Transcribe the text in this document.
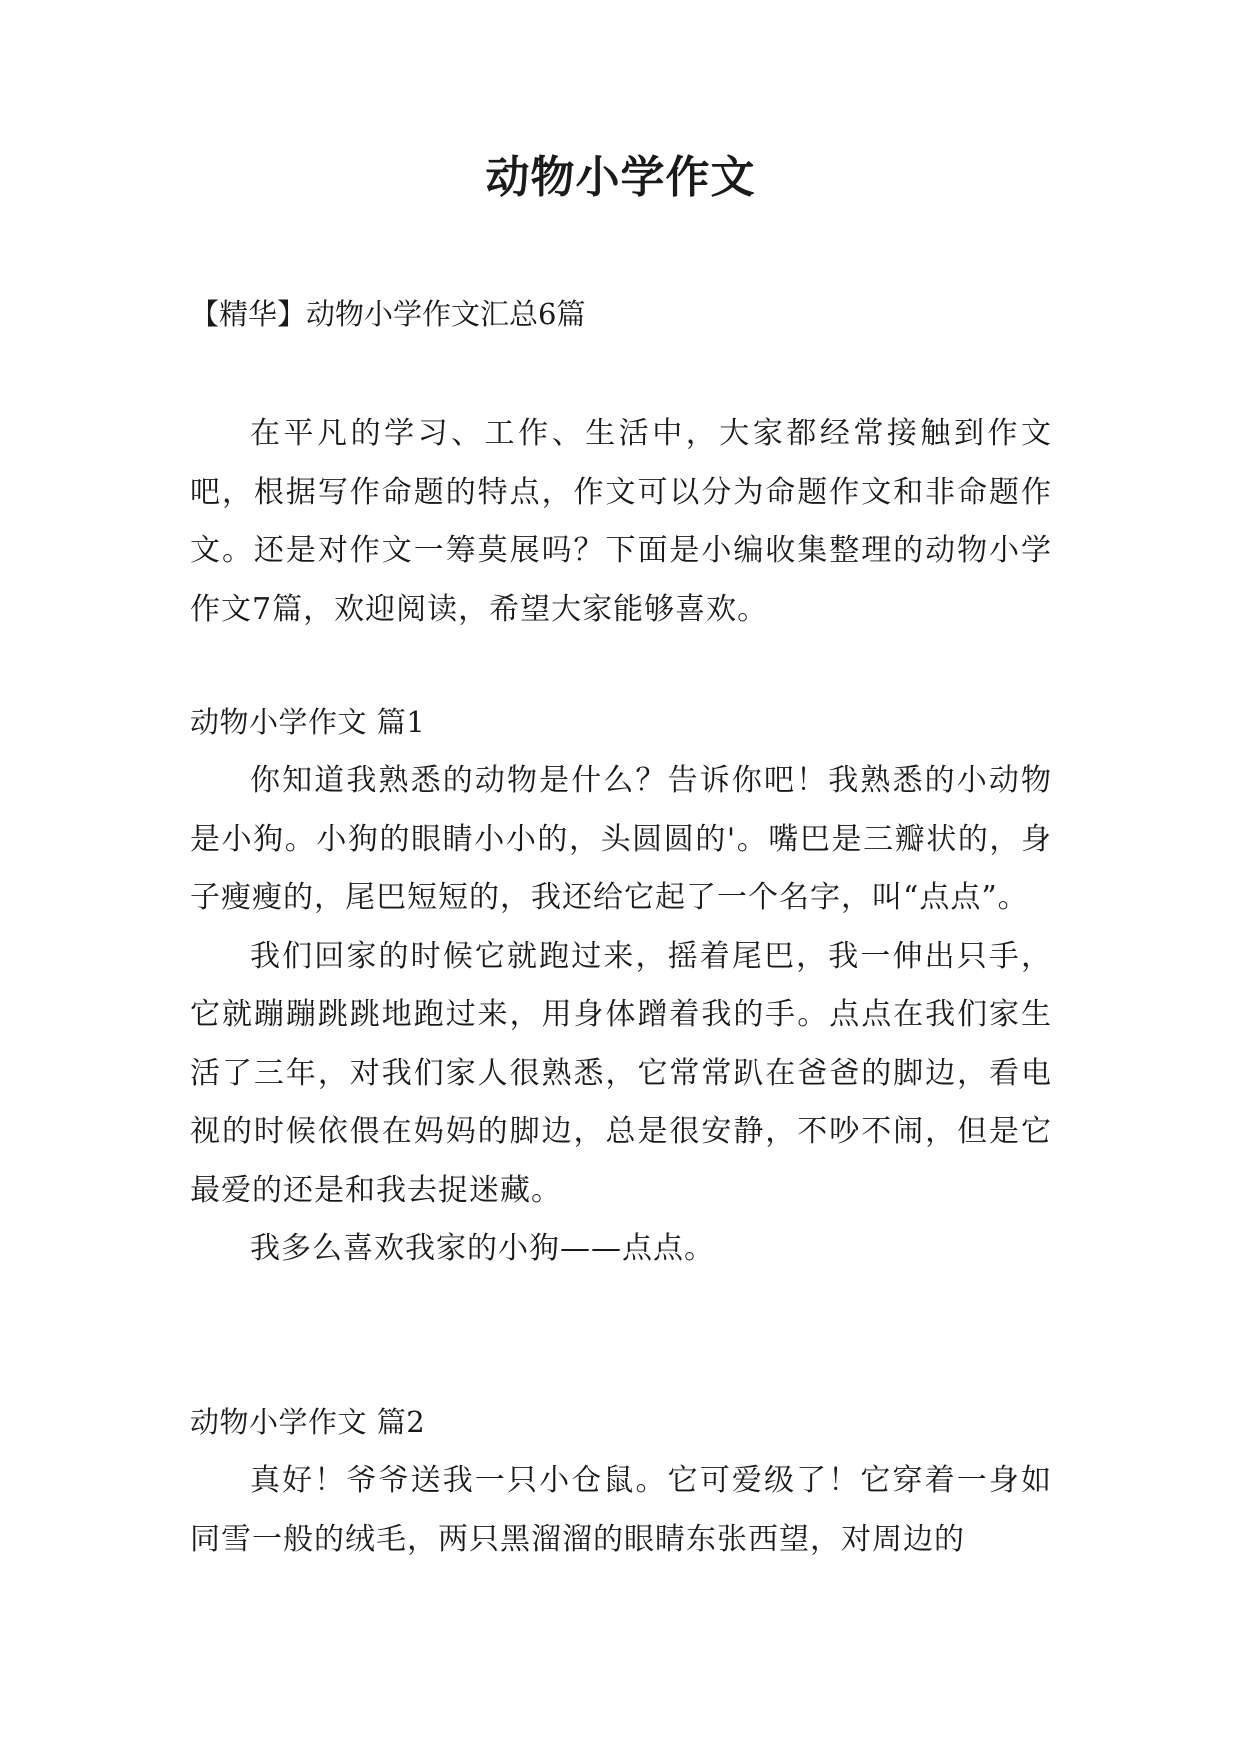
动物小学作文
【精华】动物小学作文汇总6篇

在平凡的学习、工作、生活中，大家都经常接触到作文吧，根据写作命题的特点，作文可以分为命题作文和非命题作文。还是对作文一筹莫展吗？下面是小编收集整理的动物小学作文7篇，欢迎阅读，希望大家能够喜欢。

动物小学作文 篇1

你知道我熟悉的动物是什么？告诉你吧！我熟悉的小动物是小狗。小狗的眼睛小小的，头圆圆的'。嘴巴是三瓣状的，身子瘦瘦的，尾巴短短的，我还给它起了一个名字，叫“点点”。

我们回家的时候它就跑过来，摇着尾巴，我一伸出只手，它就蹦蹦跳跳地跑过来，用身体蹭着我的手。点点在我们家生活了三年，对我们家人很熟悉，它常常趴在爸爸的脚边，看电视的时候依偎在妈妈的脚边，总是很安静，不吵不闹，但是它最爱的还是和我去捉迷藏。

我多么喜欢我家的小狗——点点。

动物小学作文 篇2

真好！爷爷送我一只小仓鼠。它可爱级了！它穿着一身如同雪一般的绒毛，两只黑溜溜的眼睛东张西望，对周边的
